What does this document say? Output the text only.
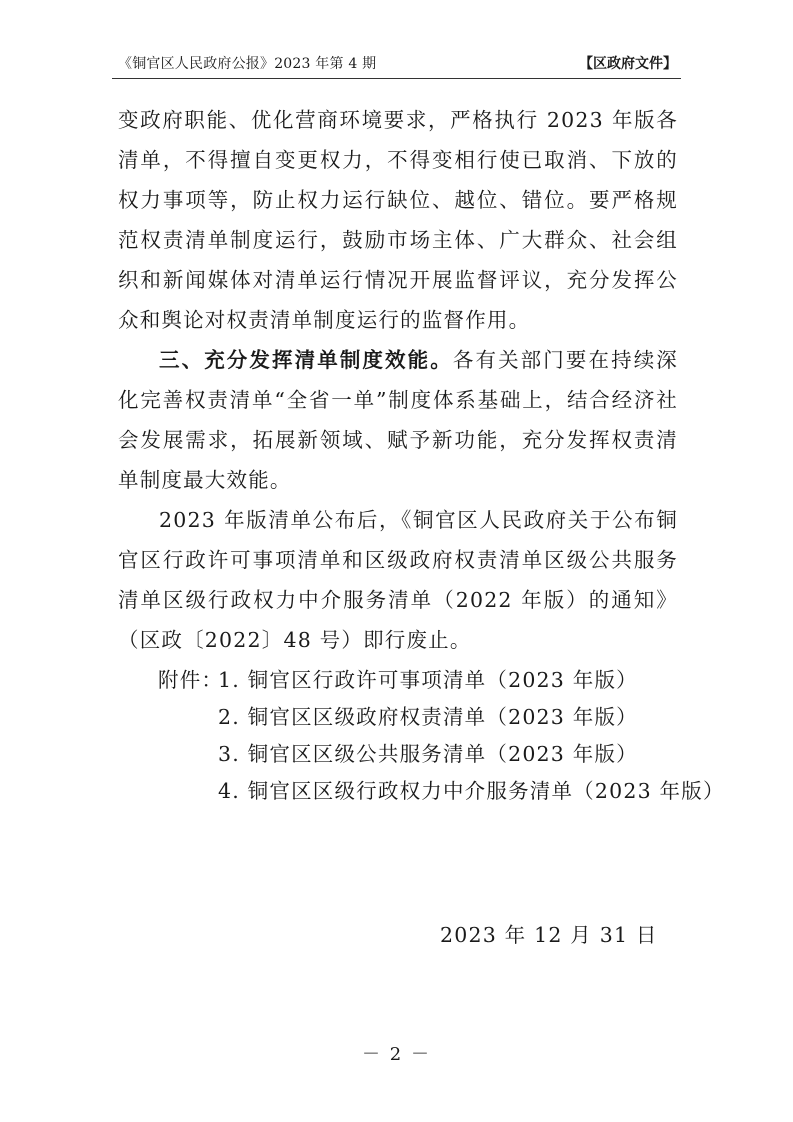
《铜官区人民政府公报》2023 年第 4 期	【区政府文件】

变政府职能、优化营商环境要求，严格执行 2023 年版各清单，不得擅自变更权力，不得变相行使已取消、下放的权力事项等，防止权力运行缺位、越位、错位。要严格规范权责清单制度运行，鼓励市场主体、广大群众、社会组织和新闻媒体对清单运行情况开展监督评议，充分发挥公众和舆论对权责清单制度运行的监督作用。

三、充分发挥清单制度效能。各有关部门要在持续深化完善权责清单“全省一单”制度体系基础上，结合经济社会发展需求，拓展新领域、赋予新功能，充分发挥权责清单制度最大效能。

2023 年版清单公布后，《铜官区人民政府关于公布铜官区行政许可事项清单和区级政府权责清单区级公共服务清单区级行政权力中介服务清单（2022 年版）的通知》（区政〔2022〕48 号）即行废止。

附件：1. 铜官区行政许可事项清单（2023 年版）
2. 铜官区区级政府权责清单（2023 年版）
3. 铜官区区级公共服务清单（2023 年版）
4. 铜官区区级行政权力中介服务清单（2023 年版）
2023 年 12 月 31 日
－ 2 －
